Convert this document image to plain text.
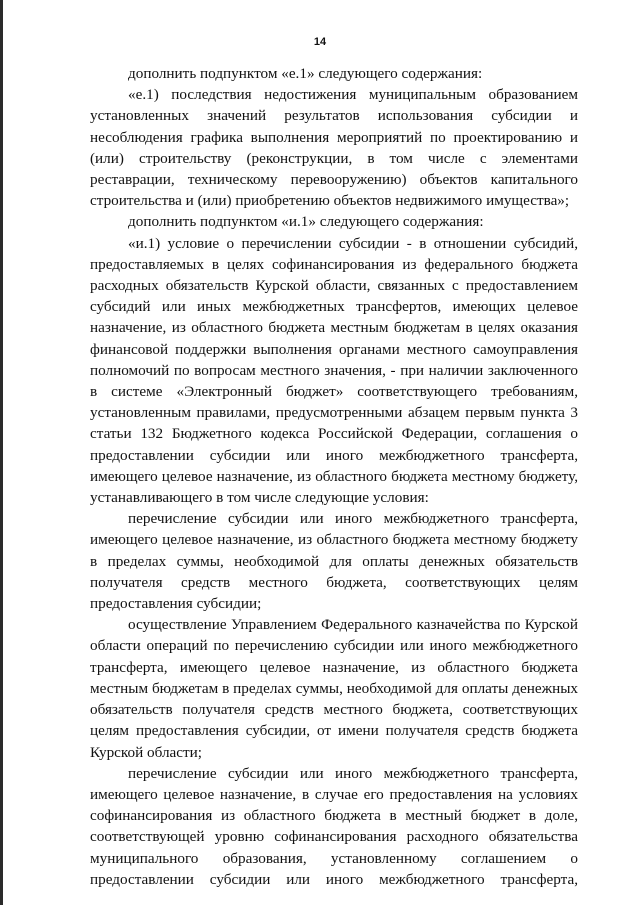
14

дополнить подпунктом «е.1» следующего содержания:

«е.1) последствия недостижения муниципальным образованием установленных значений результатов использования субсидии и несоблюдения графика выполнения мероприятий по проектированию и (или) строительству (реконструкции, в том числе с элементами реставрации, техническому перевооружению) объектов капитального строительства и (или) приобретению объектов недвижимого имущества»;

дополнить подпунктом «и.1» следующего содержания:

«и.1) условие о перечислении субсидии - в отношении субсидий, предоставляемых в целях софинансирования из федерального бюджета расходных обязательств Курской области, связанных с предоставлением субсидий или иных межбюджетных трансфертов, имеющих целевое назначение, из областного бюджета местным бюджетам в целях оказания финансовой поддержки выполнения органами местного самоуправления полномочий по вопросам местного значения, - при наличии заключенного в системе «Электронный бюджет» соответствующего требованиям, установленным правилами, предусмотренными абзацем первым пункта 3 статьи 132 Бюджетного кодекса Российской Федерации, соглашения о предоставлении субсидии или иного межбюджетного трансферта, имеющего целевое назначение, из областного бюджета местному бюджету, устанавливающего в том числе следующие условия:

перечисление субсидии или иного межбюджетного трансферта, имеющего целевое назначение, из областного бюджета местному бюджету в пределах суммы, необходимой для оплаты денежных обязательств получателя средств местного бюджета, соответствующих целям предоставления субсидии;

осуществление Управлением Федерального казначейства по Курской области операций по перечислению субсидии или иного межбюджетного трансферта, имеющего целевое назначение, из областного бюджета местным бюджетам в пределах суммы, необходимой для оплаты денежных обязательств получателя средств местного бюджета, соответствующих целям предоставления субсидии, от имени получателя средств бюджета Курской области;

перечисление субсидии или иного межбюджетного трансферта, имеющего целевое назначение, в случае его предоставления на условиях софинансирования из областного бюджета в местный бюджет в доле, соответствующей уровню софинансирования расходного обязательства муниципального образования, установленному соглашением о предоставлении субсидии или иного межбюджетного трансферта,
